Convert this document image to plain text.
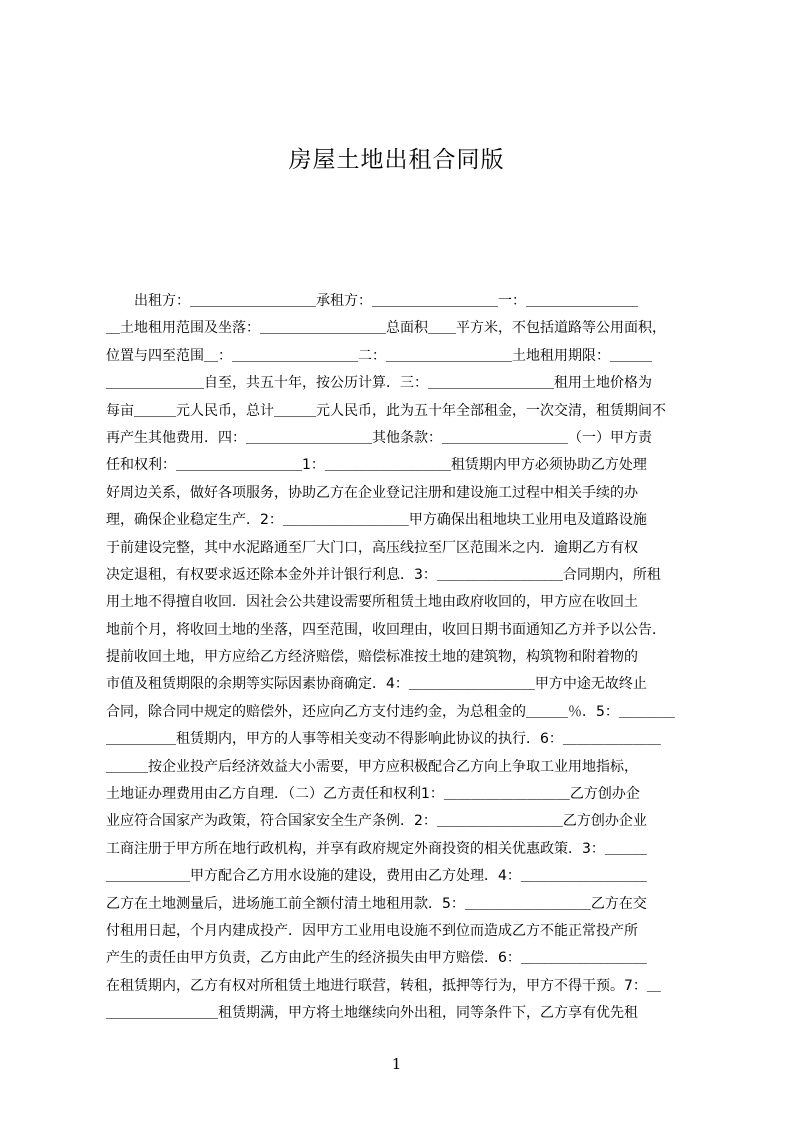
房屋土地出租合同版
　　出租方：＿＿＿＿＿＿＿＿＿承租方：＿＿＿＿＿＿＿＿＿一：＿＿＿＿＿＿＿＿
＿土地租用范围及坐落：＿＿＿＿＿＿＿＿＿总面积＿＿平方米，不包括道路等公用面积，
位置与四至范围＿：＿＿＿＿＿＿＿＿＿二：＿＿＿＿＿＿＿＿＿土地租用期限：＿＿＿
＿＿＿＿＿＿＿自至，共五十年，按公历计算．三：＿＿＿＿＿＿＿＿＿租用土地价格为
每亩＿＿＿元人民币，总计＿＿＿元人民币，此为五十年全部租金，一次交清，租赁期间不
再产生其他费用．四：＿＿＿＿＿＿＿＿＿其他条款：＿＿＿＿＿＿＿＿＿（一）甲方责
任和权利：＿＿＿＿＿＿＿＿＿1：＿＿＿＿＿＿＿＿＿租赁期内甲方必须协助乙方处理
好周边关系，做好各项服务，协助乙方在企业登记注册和建设施工过程中相关手续的办
理，确保企业稳定生产．2：＿＿＿＿＿＿＿＿＿甲方确保出租地块工业用电及道路设施
于前建设完整，其中水泥路通至厂大门口，高压线拉至厂区范围米之内．逾期乙方有权
决定退租，有权要求返还除本金外并计银行利息．3：＿＿＿＿＿＿＿＿＿合同期内，所租
用土地不得擅自收回．因社会公共建设需要所租赁土地由政府收回的，甲方应在收回土
地前个月，将收回土地的坐落，四至范围，收回理由，收回日期书面通知乙方并予以公告．
提前收回土地，甲方应给乙方经济赔偿，赔偿标准按土地的建筑物，构筑物和附着物的
市值及租赁期限的余期等实际因素协商确定．4：＿＿＿＿＿＿＿＿＿甲方中途无故终止
合同，除合同中规定的赔偿外，还应向乙方支付违约金，为总租金的＿＿＿％．5：＿＿＿＿
＿＿＿＿＿租赁期内，甲方的人事等相关变动不得影响此协议的执行．6：＿＿＿＿＿＿＿
＿＿＿按企业投产后经济效益大小需要，甲方应积极配合乙方向上争取工业用地指标，
土地证办理费用由乙方自理．（二）乙方责任和权利1：＿＿＿＿＿＿＿＿＿乙方创办企
业应符合国家产为政策，符合国家安全生产条例．2：＿＿＿＿＿＿＿＿＿乙方创办企业
工商注册于甲方所在地行政机构，并享有政府规定外商投资的相关优惠政策．3：＿＿＿
＿＿＿＿＿＿甲方配合乙方用水设施的建设，费用由乙方处理．4：＿＿＿＿＿＿＿＿＿
乙方在土地测量后，进场施工前全额付清土地租用款．5：＿＿＿＿＿＿＿＿＿乙方在交
付租用日起，个月内建成投产．因甲方工业用电设施不到位而造成乙方不能正常投产所
产生的责任由甲方负责，乙方由此产生的经济损失由甲方赔偿．6：＿＿＿＿＿＿＿＿＿
在租赁期内，乙方有权对所租赁土地进行联营，转租，抵押等行为，甲方不得干预。7：＿
＿＿＿＿＿＿＿＿租赁期满，甲方将土地继续向外出租，同等条件下，乙方享有优先租
1
